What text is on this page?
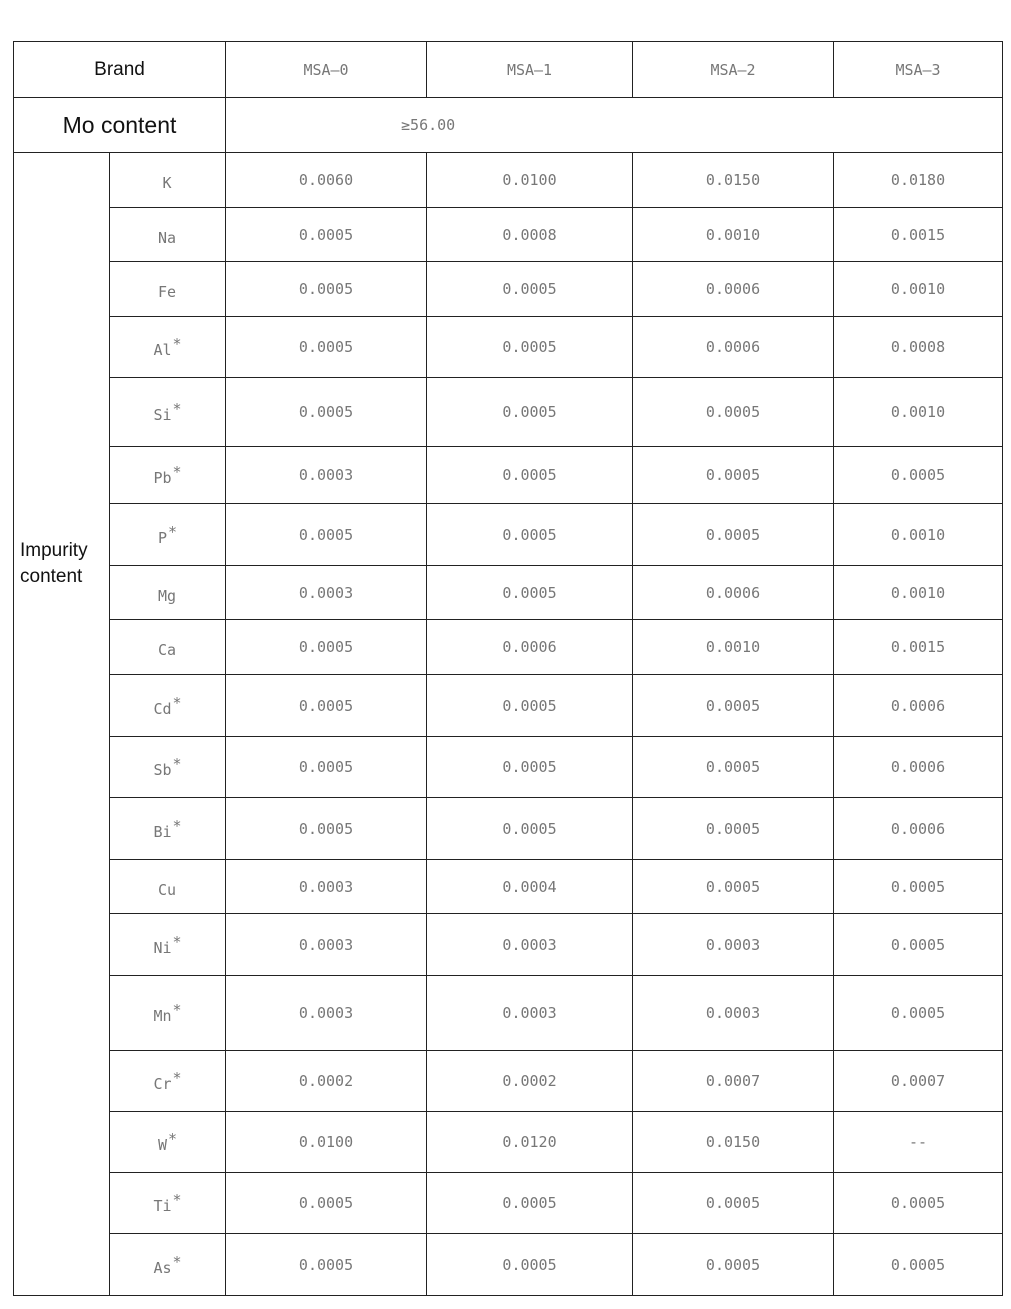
Brand		MSA—0	MSA—1	MSA—2	MSA—3
Mo content		≥56.00			
Impurity content	K	0.0060	0.0100	0.0150	0.0180
	Na	0.0005	0.0008	0.0010	0.0015
	Fe	0.0005	0.0005	0.0006	0.0010
	Al*	0.0005	0.0005	0.0006	0.0008
	Si*	0.0005	0.0005	0.0005	0.0010
	Pb*	0.0003	0.0005	0.0005	0.0005
	P*	0.0005	0.0005	0.0005	0.0010
	Mg	0.0003	0.0005	0.0006	0.0010
	Ca	0.0005	0.0006	0.0010	0.0015
	Cd*	0.0005	0.0005	0.0005	0.0006
	Sb*	0.0005	0.0005	0.0005	0.0006
	Bi*	0.0005	0.0005	0.0005	0.0006
	Cu	0.0003	0.0004	0.0005	0.0005
	Ni*	0.0003	0.0003	0.0003	0.0005
	Mn*	0.0003	0.0003	0.0003	0.0005
	Cr*	0.0002	0.0002	0.0007	0.0007
	W*	0.0100	0.0120	0.0150	--
	Ti*	0.0005	0.0005	0.0005	0.0005
	As*	0.0005	0.0005	0.0005	0.0005
